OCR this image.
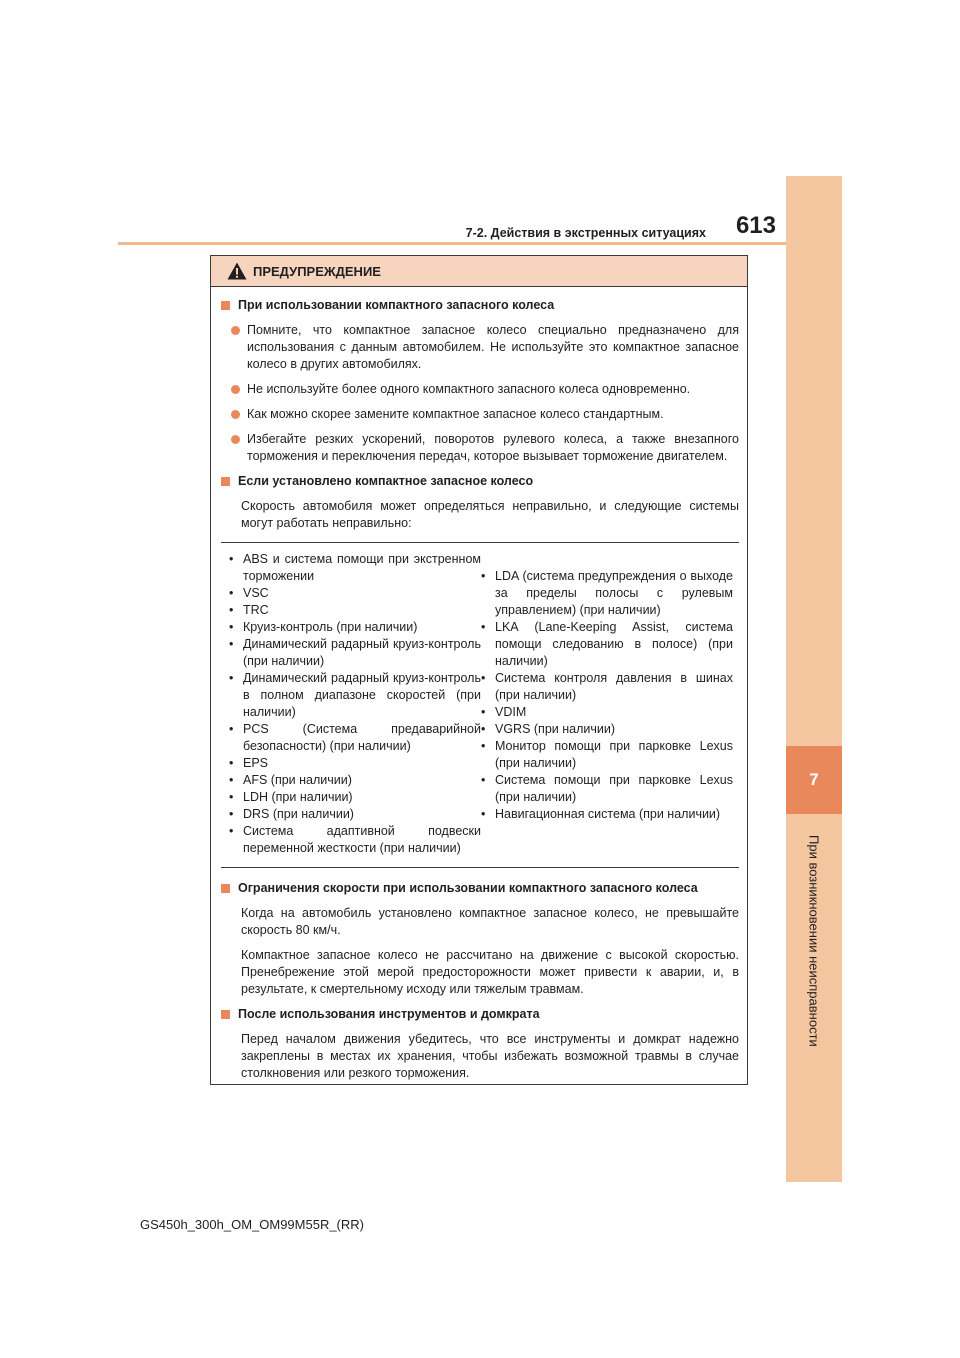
7
При возникновении неисправности
7-2. Действия в экстренных ситуациях	613
ПРЕДУПРЕЖДЕНИЕ
При использовании компактного запасного колеса
Помните, что компактное запасное колесо специально предназначено для использования с данным автомобилем. Не используйте это компактное запасное колесо в других автомобилях.
Не используйте более одного компактного запасного колеса одновременно.
Как можно скорее замените компактное запасное колесо стандартным.
Избегайте резких ускорений, поворотов рулевого колеса, а также внезапного торможения и переключения передач, которое вызывает торможение двигателем.
Если установлено компактное запасное колесо
Скорость автомобиля может определяться неправильно, и следующие системы могут работать неправильно:
• ABS и система помощи при экстренном торможении
• VSC
• TRC
• Круиз-контроль (при наличии)
• Динамический радарный круиз-контроль (при наличии)
• Динамический радарный круиз-контроль в полном диапазоне скоростей (при наличии)
• PCS (Система предаварийной безопасности) (при наличии)
• EPS
• AFS (при наличии)
• LDH (при наличии)
• DRS (при наличии)
• Система адаптивной подвески переменной жесткости (при наличии)
• LDA (система предупреждения о выходе за пределы полосы с рулевым управлением) (при наличии)
• LKA (Lane-Keeping Assist, система помощи следованию в полосе) (при наличии)
• Система контроля давления в шинах (при наличии)
• VDIM
• VGRS (при наличии)
• Монитор помощи при парковке Lexus (при наличии)
• Система помощи при парковке Lexus (при наличии)
• Навигационная система (при наличии)
Ограничения скорости при использовании компактного запасного колеса
Когда на автомобиль установлено компактное запасное колесо, не превышайте скорость 80 км/ч.
Компактное запасное колесо не рассчитано на движение с высокой скоростью. Пренебрежение этой мерой предосторожности может привести к аварии, и, в результате, к смертельному исходу или тяжелым травмам.
После использования инструментов и домкрата
Перед началом движения убедитесь, что все инструменты и домкрат надежно закреплены в местах их хранения, чтобы избежать возможной травмы в случае столкновения или резкого торможения.
GS450h_300h_OM_OM99M55R_(RR)
